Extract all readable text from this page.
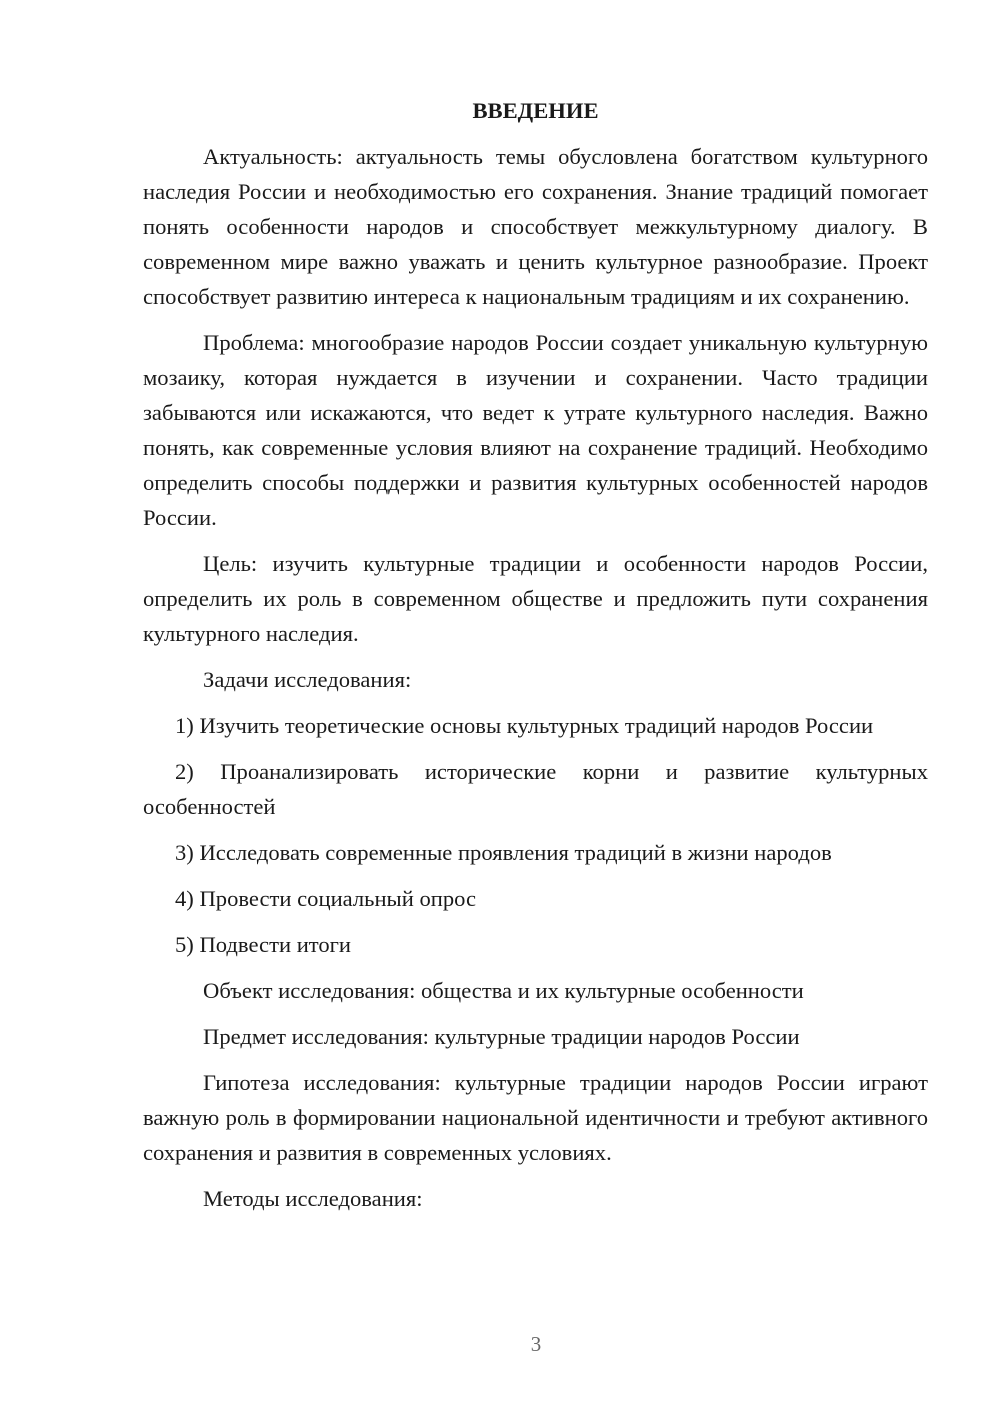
ВВЕДЕНИЕ

Актуальность: актуальность темы обусловлена богатством культурного наследия России и необходимостью его сохранения. Знание традиций помогает понять особенности народов и способствует межкультурному диалогу. В современном мире важно уважать и ценить культурное разнообразие. Проект способствует развитию интереса к национальным традициям и их сохранению.

Проблема: многообразие народов России создает уникальную культурную мозаику, которая нуждается в изучении и сохранении. Часто традиции забываются или искажаются, что ведет к утрате культурного наследия. Важно понять, как современные условия влияют на сохранение традиций. Необходимо определить способы поддержки и развития культурных особенностей народов России.

Цель: изучить культурные традиции и особенности народов России, определить их роль в современном обществе и предложить пути сохранения культурного наследия.

Задачи исследования:

1) Изучить теоретические основы культурных традиций народов России

2) Проанализировать исторические корни и развитие культурных особенностей

3) Исследовать современные проявления традиций в жизни народов

4) Провести социальный опрос

5) Подвести итоги

Объект исследования: общества и их культурные особенности

Предмет исследования: культурные традиции народов России

Гипотеза исследования: культурные традиции народов России играют важную роль в формировании национальной идентичности и требуют активного сохранения и развития в современных условиях.

Методы исследования:

3
